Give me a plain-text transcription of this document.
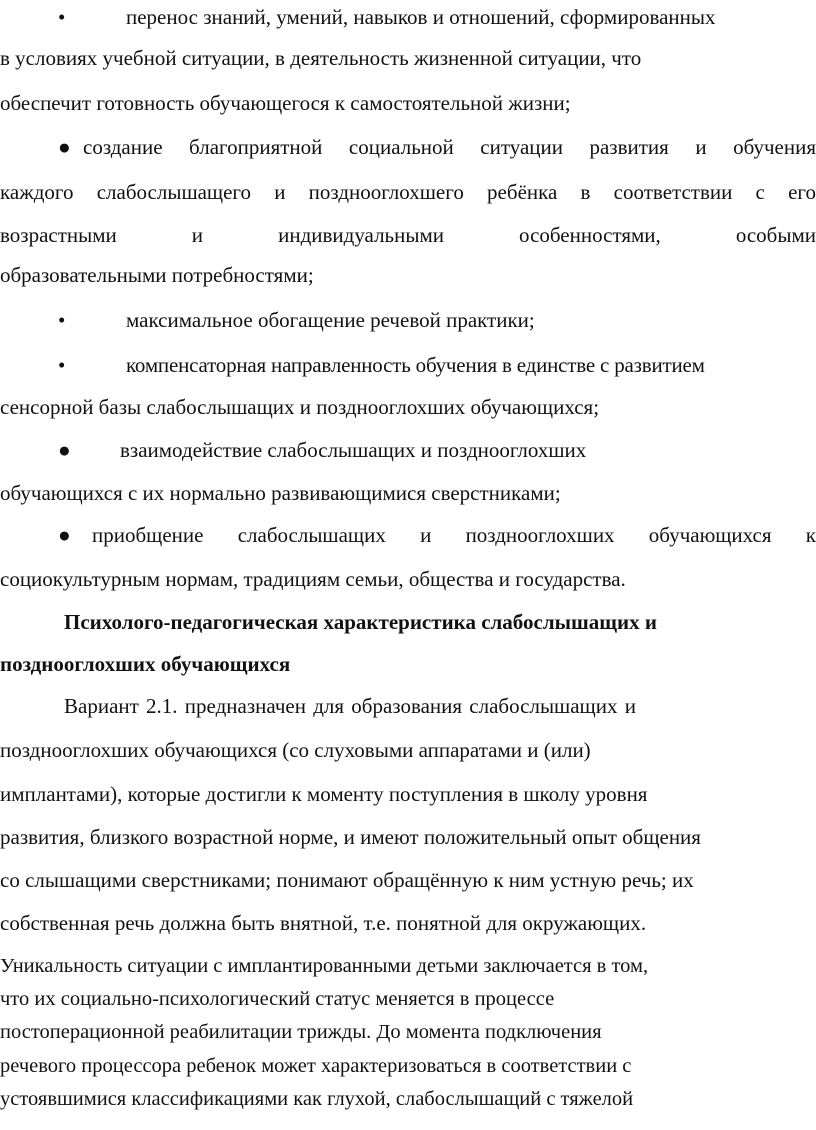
•	перенос знаний, умений, навыков и отношений, сформированных
в условиях учебной ситуации, в деятельность жизненной ситуации, что
обеспечит готовность обучающегося к самостоятельной жизни;
● создание благоприятной социальной ситуации развития и обучения
каждого слабослышащего и позднооглохшего ребёнка в соответствии с его
возрастными и индивидуальными особенностями, особыми
образовательными потребностями;
•	максимальное обогащение речевой практики;
•	компенсаторная направленность обучения в единстве с развитием
сенсорной базы слабослышащих и позднооглохших обучающихся;
● взаимодействие слабослышащих и позднооглохших
обучающихся с их нормально развивающимися сверстниками;
● приобщение слабослышащих и позднооглохших обучающихся к
социокультурным нормам, традициям семьи, общества и государства.
Психолого-педагогическая характеристика слабослышащих и
позднооглохших обучающихся
Вариант 2.1. предназначен для образования слабослышащих и
позднооглохших обучающихся (со слуховыми аппаратами и (или)
имплантами), которые достигли к моменту поступления в школу уровня
развития, близкого возрастной норме, и имеют положительный опыт общения
со слышащими сверстниками; понимают обращённую к ним устную речь; их
собственная речь должна быть внятной, т.е. понятной для окружающих.
Уникальность ситуации с имплантированными детьми заключается в том,
что их социально-психологический статус меняется в процессе
постоперационной реабилитации трижды. До момента подключения
речевого процессора ребенок может характеризоваться в соответствии с
устоявшимися классификациями как глухой, слабослышащий с тяжелой
